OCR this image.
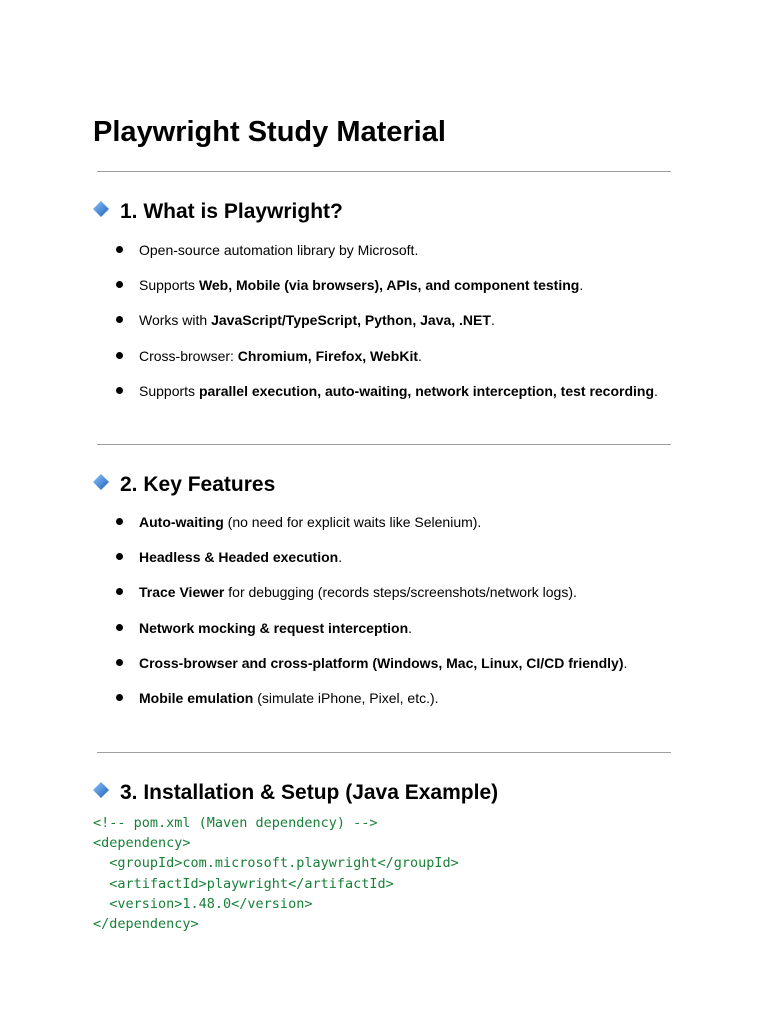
Playwright Study Material
1. What is Playwright?
Open-source automation library by Microsoft.
Supports Web, Mobile (via browsers), APIs, and component testing.
Works with JavaScript/TypeScript, Python, Java, .NET.
Cross-browser: Chromium, Firefox, WebKit.
Supports parallel execution, auto-waiting, network interception, test recording.
2. Key Features
Auto-waiting (no need for explicit waits like Selenium).
Headless & Headed execution.
Trace Viewer for debugging (records steps/screenshots/network logs).
Network mocking & request interception.
Cross-browser and cross-platform (Windows, Mac, Linux, CI/CD friendly).
Mobile emulation (simulate iPhone, Pixel, etc.).
3. Installation & Setup (Java Example)
<!-- pom.xml (Maven dependency) -->
<dependency>
<groupId>com.microsoft.playwright</groupId>
<artifactId>playwright</artifactId>
<version>1.48.0</version>
</dependency>
